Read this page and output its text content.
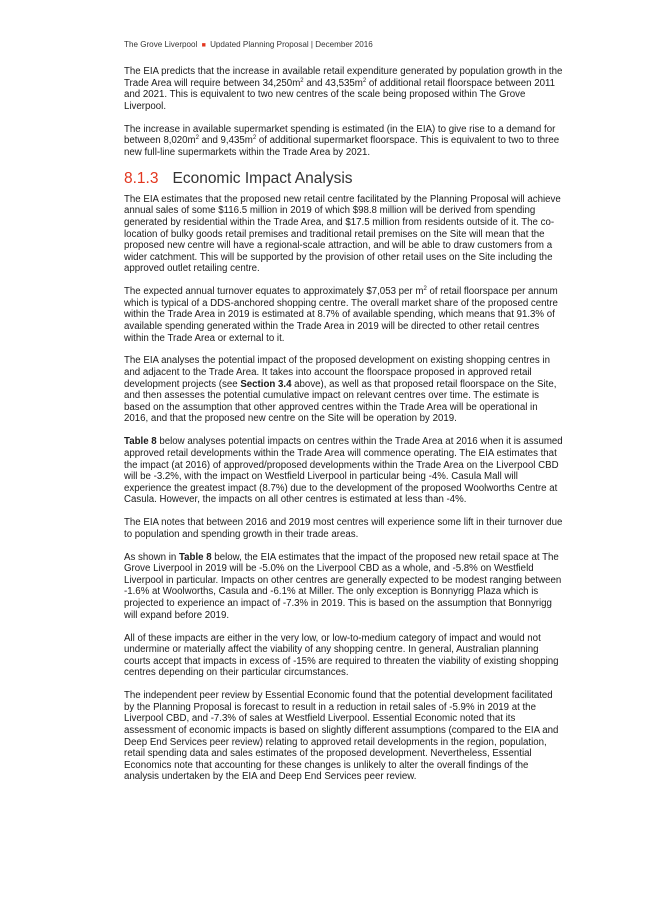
The Grove Liverpool ■ Updated Planning Proposal | December 2016

The EIA predicts that the increase in available retail expenditure generated by population growth in the Trade Area will require between $34,250m^2$ and $43,535m^2$ of additional retail floorspace between 2011 and 2021. This is equivalent to two new centres of the scale being proposed within The Grove Liverpool.

The increase in available supermarket spending is estimated (in the EIA) to give rise to a demand for between $8,020m^2$ and $9,435m^2$ of additional supermarket floorspace. This is equivalent to two to three new full-line supermarkets within the Trade Area by 2021.

8.1.3 Economic Impact Analysis

The EIA estimates that the proposed new retail centre facilitated by the Planning Proposal will achieve annual sales of some $116.5 million in 2019 of which $98.8 million will be derived from spending generated by residential within the Trade Area, and $17.5 million from residents outside of it. The co-location of bulky goods retail premises and traditional retail premises on the Site will mean that the proposed new centre will have a regional-scale attraction, and will be able to draw customers from a wider catchment. This will be supported by the provision of other retail uses on the Site including the approved outlet retailing centre.

The expected annual turnover equates to approximately $7,053 per $m^2$ of retail floorspace per annum which is typical of a DDS-anchored shopping centre. The overall market share of the proposed centre within the Trade Area in 2019 is estimated at 8.7% of available spending, which means that 91.3% of available spending generated within the Trade Area in 2019 will be directed to other retail centres within the Trade Area or external to it.

The EIA analyses the potential impact of the proposed development on existing shopping centres in and adjacent to the Trade Area. It takes into account the floorspace proposed in approved retail development projects (see Section 3.4 above), as well as that proposed retail floorspace on the Site, and then assesses the potential cumulative impact on relevant centres over time. The estimate is based on the assumption that other approved centres within the Trade Area will be operational in 2016, and that the proposed new centre on the Site will be operation by 2019.

Table 8 below analyses potential impacts on centres within the Trade Area at 2016 when it is assumed approved retail developments within the Trade Area will commence operating. The EIA estimates that the impact (at 2016) of approved/proposed developments within the Trade Area on the Liverpool CBD will be -3.2%, with the impact on Westfield Liverpool in particular being -4%. Casula Mall will experience the greatest impact (8.7%) due to the development of the proposed Woolworths Centre at Casula. However, the impacts on all other centres is estimated at less than -4%.

The EIA notes that between 2016 and 2019 most centres will experience some lift in their turnover due to population and spending growth in their trade areas.

As shown in Table 8 below, the EIA estimates that the impact of the proposed new retail space at The Grove Liverpool in 2019 will be -5.0% on the Liverpool CBD as a whole, and -5.8% on Westfield Liverpool in particular. Impacts on other centres are generally expected to be modest ranging between -1.6% at Woolworths, Casula and -6.1% at Miller. The only exception is Bonnyrigg Plaza which is projected to experience an impact of -7.3% in 2019. This is based on the assumption that Bonnyrigg will expand before 2019.

All of these impacts are either in the very low, or low-to-medium category of impact and would not undermine or materially affect the viability of any shopping centre. In general, Australian planning courts accept that impacts in excess of -15% are required to threaten the viability of existing shopping centres depending on their particular circumstances.

The independent peer review by Essential Economic found that the potential development facilitated by the Planning Proposal is forecast to result in a reduction in retail sales of -5.9% in 2019 at the Liverpool CBD, and -7.3% of sales at Westfield Liverpool. Essential Economic noted that its assessment of economic impacts is based on slightly different assumptions (compared to the EIA and Deep End Services peer review) relating to approved retail developments in the region, population, retail spending data and sales estimates of the proposed development. Nevertheless, Essential Economics note that accounting for these changes is unlikely to alter the overall findings of the analysis undertaken by the EIA and Deep End Services peer review.
